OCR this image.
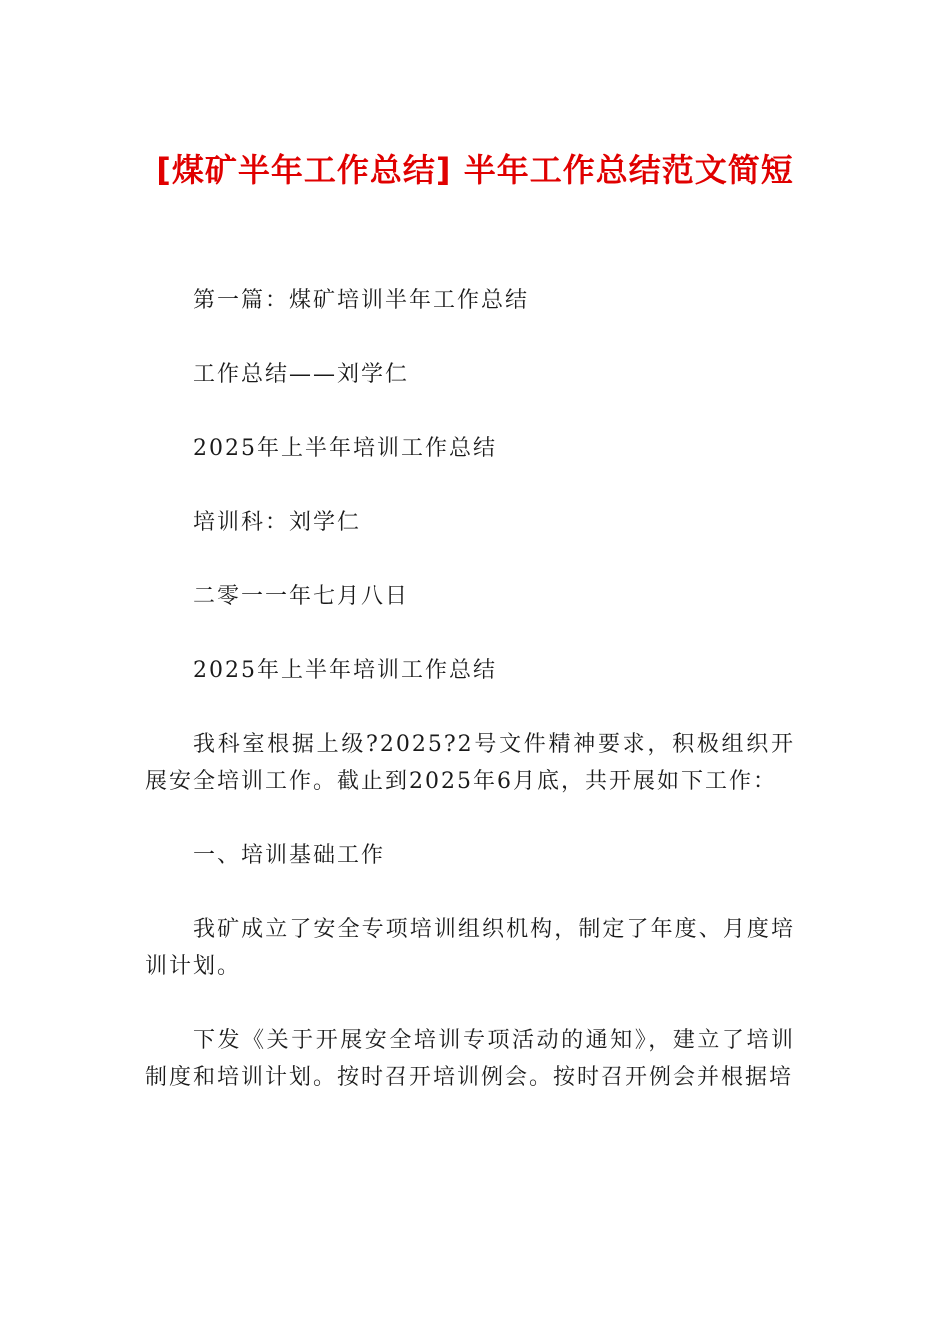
[煤矿半年工作总结] 半年工作总结范文简短

第一篇：煤矿培训半年工作总结

工作总结——刘学仁

2025年上半年培训工作总结

培训科：刘学仁

二零一一年七月八日

2025年上半年培训工作总结

我科室根据上级?2025?2号文件精神要求，积极组织开展安全培训工作。截止到2025年6月底，共开展如下工作：

一、培训基础工作

我矿成立了安全专项培训组织机构，制定了年度、月度培训计划。

下发《关于开展安全培训专项活动的通知》，建立了培训制度和培训计划。按时召开培训例会。按时召开例会并根据培
